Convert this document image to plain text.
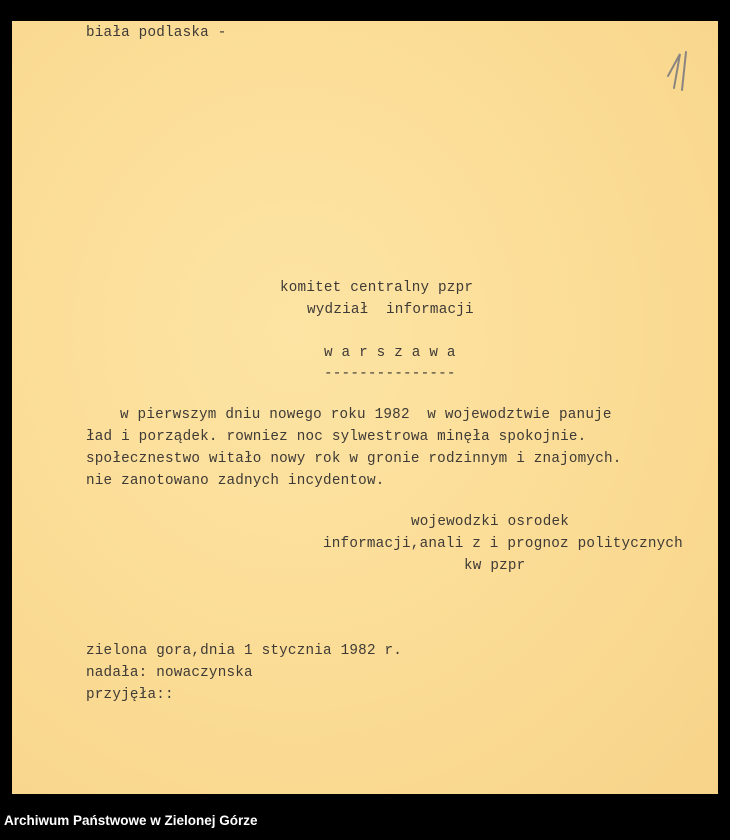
biała podlaska -
komitet centralny pzpr
wydział  informacji
w a r s z a w a
---------------
w pierwszym dniu nowego roku 1982  w wojewodztwie panuje
ład i porządek. rowniez noc sylwestrowa minęła spokojnie.
społecznestwo witało nowy rok w gronie rodzinnym i znajomych.
nie zanotowano zadnych incydentow.
wojewodzki osrodek
informacji,anali z i prognoz politycznych
kw pzpr
zielona gora,dnia 1 stycznia 1982 r.
nadała: nowaczynska
przyjęła::
Archiwum Państwowe w Zielonej Górze
